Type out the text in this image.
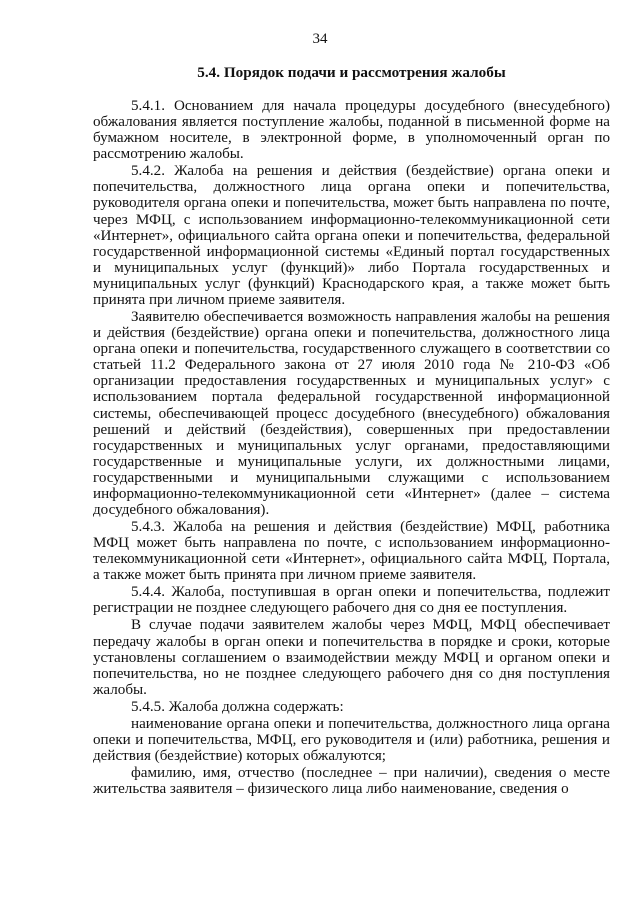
34
5.4. Порядок подачи и рассмотрения жалобы

5.4.1. Основанием для начала процедуры досудебного (внесудебного) обжалования является поступление жалобы, поданной в письменной форме на бумажном носителе, в электронной форме, в уполномоченный орган по рассмотрению жалобы.

5.4.2. Жалоба на решения и действия (бездействие) органа опеки и попечительства, должностного лица органа опеки и попечительства, руководителя органа опеки и попечительства, может быть направлена по почте, через МФЦ, с использованием информационно-телекоммуникационной сети «Интернет», официального сайта органа опеки и попечительства, федеральной государственной информационной системы «Единый портал государственных и муниципальных услуг (функций)» либо Портала государственных и муниципальных услуг (функций) Краснодарского края, а также может быть принята при личном приеме заявителя.

Заявителю обеспечивается возможность направления жалобы на решения и действия (бездействие) органа опеки и попечительства, должностного лица органа опеки и попечительства, государственного служащего в соответствии со статьей 11.2 Федерального закона от 27 июля 2010 года № 210-ФЗ «Об организации предоставления государственных и муниципальных услуг» с использованием портала федеральной государственной информационной системы, обеспечивающей процесс досудебного (внесудебного) обжалования решений и действий (бездействия), совершенных при предоставлении государственных и муниципальных услуг органами, предоставляющими государственные и муниципальные услуги, их должностными лицами, государственными и муниципальными служащими с использованием информационно-телекоммуникационной сети «Интернет» (далее – система досудебного обжалования).

5.4.3. Жалоба на решения и действия (бездействие) МФЦ, работника МФЦ может быть направлена по почте, с использованием информационно-телекоммуникационной сети «Интернет», официального сайта МФЦ, Портала, а также может быть принята при личном приеме заявителя.

5.4.4. Жалоба, поступившая в орган опеки и попечительства, подлежит регистрации не позднее следующего рабочего дня со дня ее поступления.

В случае подачи заявителем жалобы через МФЦ, МФЦ обеспечивает передачу жалобы в орган опеки и попечительства в порядке и сроки, которые установлены соглашением о взаимодействии между МФЦ и органом опеки и попечительства, но не позднее следующего рабочего дня со дня поступления жалобы.

5.4.5. Жалоба должна содержать:

наименование органа опеки и попечительства, должностного лица органа опеки и попечительства, МФЦ, его руководителя и (или) работника, решения и действия (бездействие) которых обжалуются;

фамилию, имя, отчество (последнее – при наличии), сведения о месте жительства заявителя – физического лица либо наименование, сведения о
